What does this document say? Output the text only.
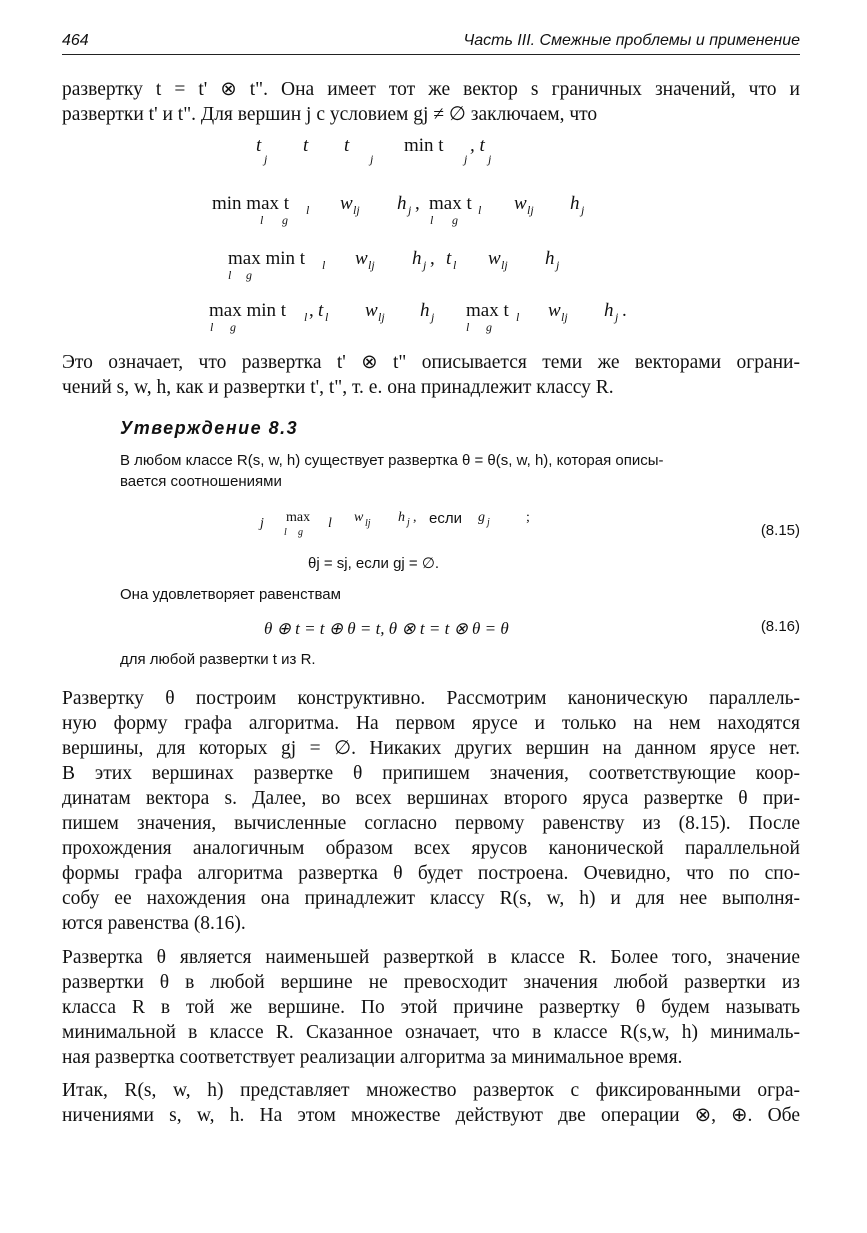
464	Часть III. Смежные проблемы и применение
развертку t = t' ⊗ t". Она имеет тот же вектор s граничных значений, что и
развертки t' и t". Для вершин j с условием gj ≠ ∅ заключаем, что
t
j
t t
j
min t
j
, t
j
min max t
l g
l w lj h j , max t
l g
l w lj h j
max min t
l g
l w lj h j , t l w lj h j
max min t
l g
l , t l w lj h j max t
l g
l w lj h j .
Это означает, что развертка t' ⊗ t" описывается теми же векторами ограни-
чений s, w, h, как и развертки t', t", т. е. она принадлежит классу R.
Утверждение 8.3
В любом классе R(s, w, h) существует развертка θ = θ(s, w, h), которая описы-
вается соотношениями
j max
l g
l w lj h j , если g j	;
(8.15)
θj = sj, если gj = ∅.
Она удовлетворяет равенствам
θ ⊕ t = t ⊕ θ = t, θ ⊗ t = t ⊗ θ = θ	(8.16)
для любой развертки t из R.
Развертку θ построим конструктивно. Рассмотрим каноническую параллель-
ную форму графа алгоритма. На первом ярусе и только на нем находятся
вершины, для которых gj = ∅. Никаких других вершин на данном ярусе нет.
В этих вершинах развертке θ припишем значения, соответствующие коор-
динатам вектора s. Далее, во всех вершинах второго яруса развертке θ при-
пишем значения, вычисленные согласно первому равенству из (8.15). После
прохождения аналогичным образом всех ярусов канонической параллельной
формы графа алгоритма развертка θ будет построена. Очевидно, что по спо-
собу ее нахождения она принадлежит классу R(s, w, h) и для нее выполня-
ются равенства (8.16).
Развертка θ является наименьшей разверткой в классе R. Более того, значение
развертки θ в любой вершине не превосходит значения любой развертки из
класса R в той же вершине. По этой причине развертку θ будем называть
минимальной в классе R. Сказанное означает, что в классе R(s,w, h) минималь-
ная развертка соответствует реализации алгоритма за минимальное время.
Итак, R(s, w, h) представляет множество разверток с фиксированными огра-
ничениями s, w, h. На этом множестве действуют две операции ⊗, ⊕. Обе
